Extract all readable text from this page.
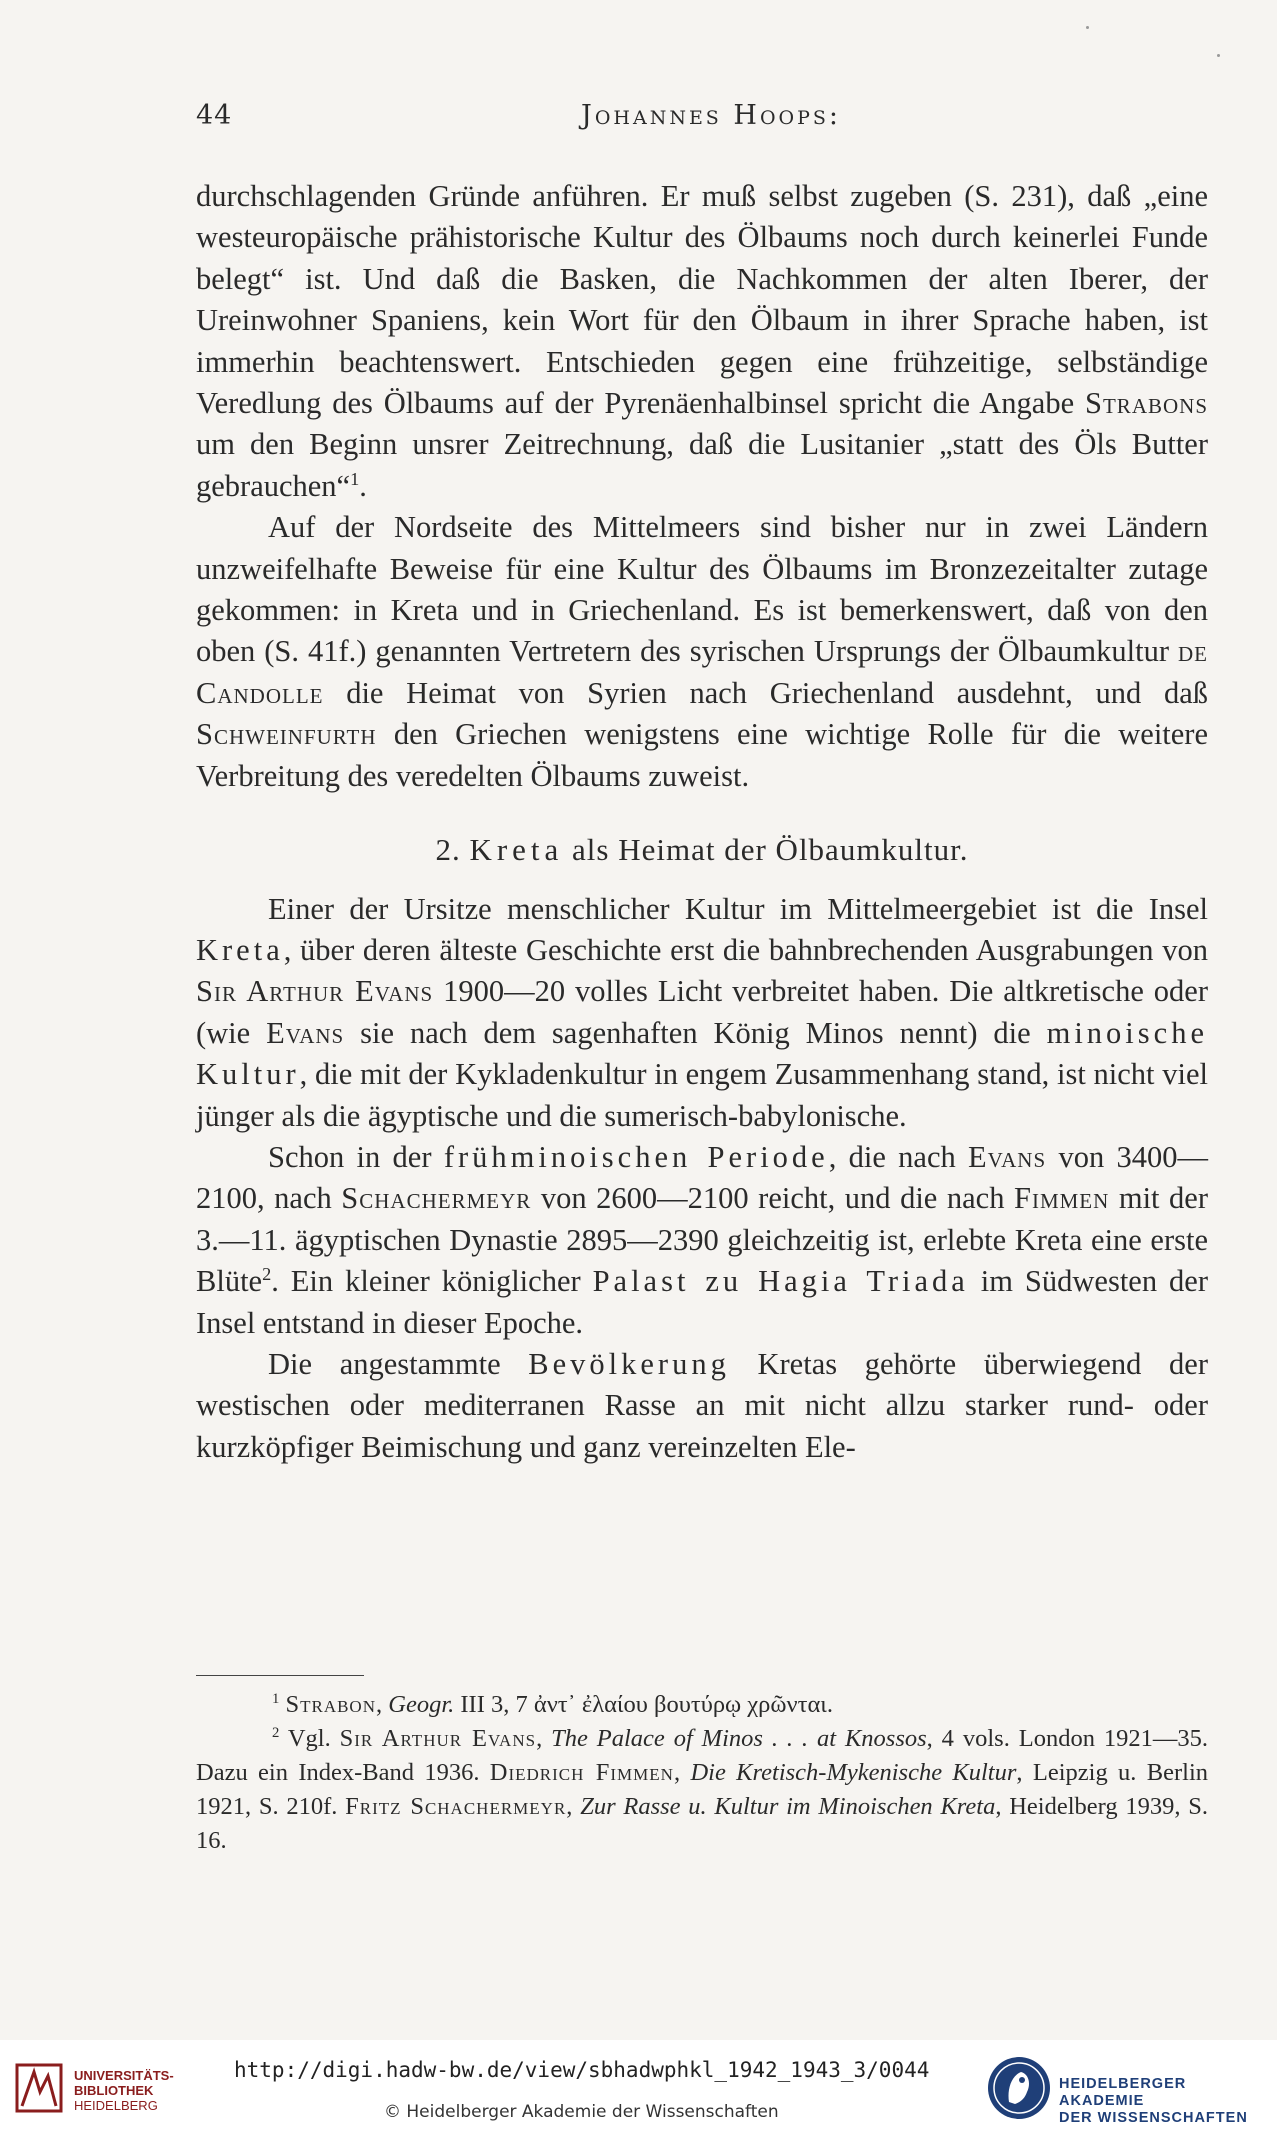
44	Johannes Hoops:

durchschlagenden Gründe anführen. Er muß selbst zugeben (S. 231), daß „eine westeuropäische prähistorische Kultur des Ölbaums noch durch keinerlei Funde belegt“ ist. Und daß die Basken, die Nachkommen der alten Iberer, der Ureinwohner Spaniens, kein Wort für den Ölbaum in ihrer Sprache haben, ist immerhin beachtenswert. Entschieden gegen eine frühzeitige, selbständige Veredlung des Ölbaums auf der Pyrenäenhalbinsel spricht die Angabe Strabons um den Beginn unsrer Zeitrechnung, daß die Lusitanier „statt des Öls Butter gebrauchen“$^1$.

Auf der Nordseite des Mittelmeers sind bisher nur in zwei Ländern unzweifelhafte Beweise für eine Kultur des Ölbaums im Bronzezeitalter zutage gekommen: in Kreta und in Griechenland. Es ist bemerkenswert, daß von den oben (S. 41f.) genannten Vertretern des syrischen Ursprungs der Ölbaumkultur de Candolle die Heimat von Syrien nach Griechenland ausdehnt, und daß Schweinfurth den Griechen wenigstens eine wichtige Rolle für die weitere Verbreitung des veredelten Ölbaums zuweist.

2. Kreta als Heimat der Ölbaumkultur.

Einer der Ursitze menschlicher Kultur im Mittelmeergebiet ist die Insel Kreta, über deren älteste Geschichte erst die bahnbrechenden Ausgrabungen von Sir Arthur Evans 1900—20 volles Licht verbreitet haben. Die altkretische oder (wie Evans sie nach dem sagenhaften König Minos nennt) die minoische Kultur, die mit der Kykladenkultur in engem Zusammenhang stand, ist nicht viel jünger als die ägyptische und die sumerisch-babylonische.

Schon in der frühminoischen Periode, die nach Evans von 3400—2100, nach Schachermeyr von 2600—2100 reicht, und die nach Fimmen mit der 3.—11. ägyptischen Dynastie 2895—2390 gleichzeitig ist, erlebte Kreta eine erste Blüte$^2$. Ein kleiner königlicher Palast zu Hagia Triada im Südwesten der Insel entstand in dieser Epoche.

Die angestammte Bevölkerung Kretas gehörte überwiegend der westischen oder mediterranen Rasse an mit nicht allzu starker rund- oder kurzköpfiger Beimischung und ganz vereinzelten Ele-

$^1$ Strabon, Geogr. III 3, 7 ἀντ᾽ ἐλαίου βουτύρῳ χρῶνται.

$^2$ Vgl. Sir Arthur Evans, The Palace of Minos . . . at Knossos, 4 vols. London 1921—35. Dazu ein Index-Band 1936. Diedrich Fimmen, Die Kretisch-Mykenische Kultur, Leipzig u. Berlin 1921, S. 210f. Fritz Schachermeyr, Zur Rasse u. Kultur im Minoischen Kreta, Heidelberg 1939, S. 16.

UNIVERSITÄTS-
BIBLIOTHEK
HEIDELBERG
http://digi.hadw-bw.de/view/sbhadwphkl_1942_1943_3/0044
© Heidelberger Akademie der Wissenschaften
HEIDELBERGER AKADEMIE
DER WISSENSCHAFTEN
